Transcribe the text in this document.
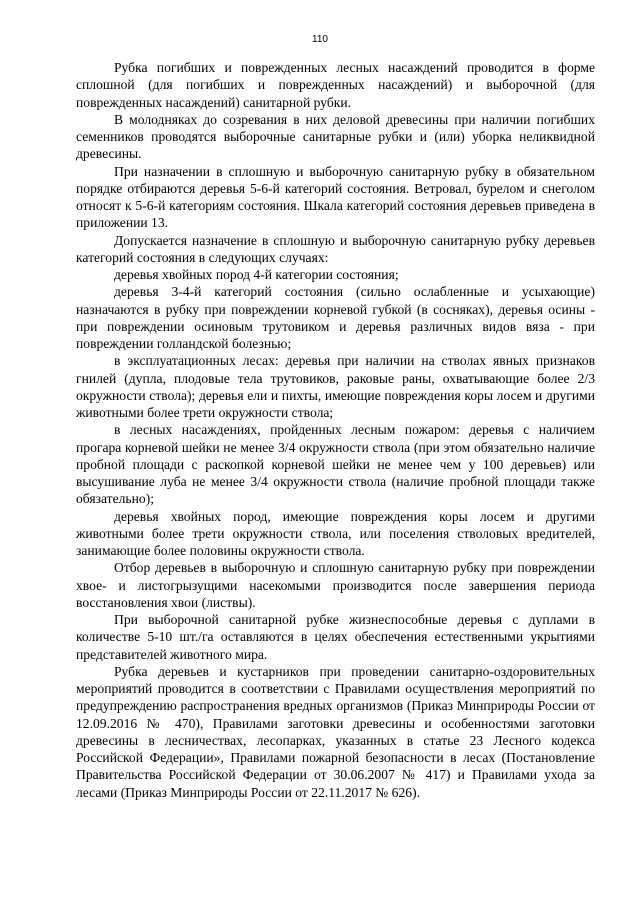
110

Рубка погибших и поврежденных лесных насаждений проводится в форме сплошной (для погибших и поврежденных насаждений) и выборочной (для поврежденных насаждений) санитарной рубки.

В молодняках до созревания в них деловой древесины при наличии погибших семенников проводятся выборочные санитарные рубки и (или) уборка неликвидной древесины.

При назначении в сплошную и выборочную санитарную рубку в обязательном порядке отбираются деревья 5-6-й категорий состояния. Ветровал, бурелом и снеголом относят к 5-6-й категориям состояния. Шкала категорий состояния деревьев приведена в приложении 13.

Допускается назначение в сплошную и выборочную санитарную рубку деревьев категорий состояния в следующих случаях:

деревья хвойных пород 4-й категории состояния;

деревья 3-4-й категорий состояния (сильно ослабленные и усыхающие) назначаются в рубку при повреждении корневой губкой (в сосняках), деревья осины - при повреждении осиновым трутовиком и деревья различных видов вяза - при повреждении голландской болезнью;

в эксплуатационных лесах: деревья при наличии на стволах явных признаков гнилей (дупла, плодовые тела трутовиков, раковые раны, охватывающие более 2/3 окружности ствола); деревья ели и пихты, имеющие повреждения коры лосем и другими животными более трети окружности ствола;

в лесных насаждениях, пройденных лесным пожаром: деревья с наличием прогара корневой шейки не менее 3/4 окружности ствола (при этом обязательно наличие пробной площади с раскопкой корневой шейки не менее чем у 100 деревьев) или высушивание луба не менее 3/4 окружности ствола (наличие пробной площади также обязательно);

деревья хвойных пород, имеющие повреждения коры лосем и другими животными более трети окружности ствола, или поселения стволовых вредителей, занимающие более половины окружности ствола.

Отбор деревьев в выборочную и сплошную санитарную рубку при повреждении хвое- и листогрызущими насекомыми производится после завершения периода восстановления хвои (листвы).

При выборочной санитарной рубке жизнеспособные деревья с дуплами в количестве 5-10 шт./га оставляются в целях обеспечения естественными укрытиями представителей животного мира.

Рубка деревьев и кустарников при проведении санитарно-оздоровительных мероприятий проводится в соответствии с Правилами осуществления мероприятий по предупреждению распространения вредных организмов (Приказ Минприроды России от 12.09.2016 № 470), Правилами заготовки древесины и особенностями заготовки древесины в лесничествах, лесопарках, указанных в статье 23 Лесного кодекса Российской Федерации», Правилами пожарной безопасности в лесах (Постановление Правительства Российской Федерации от 30.06.2007 № 417) и Правилами ухода за лесами (Приказ Минприроды России от 22.11.2017 № 626).
